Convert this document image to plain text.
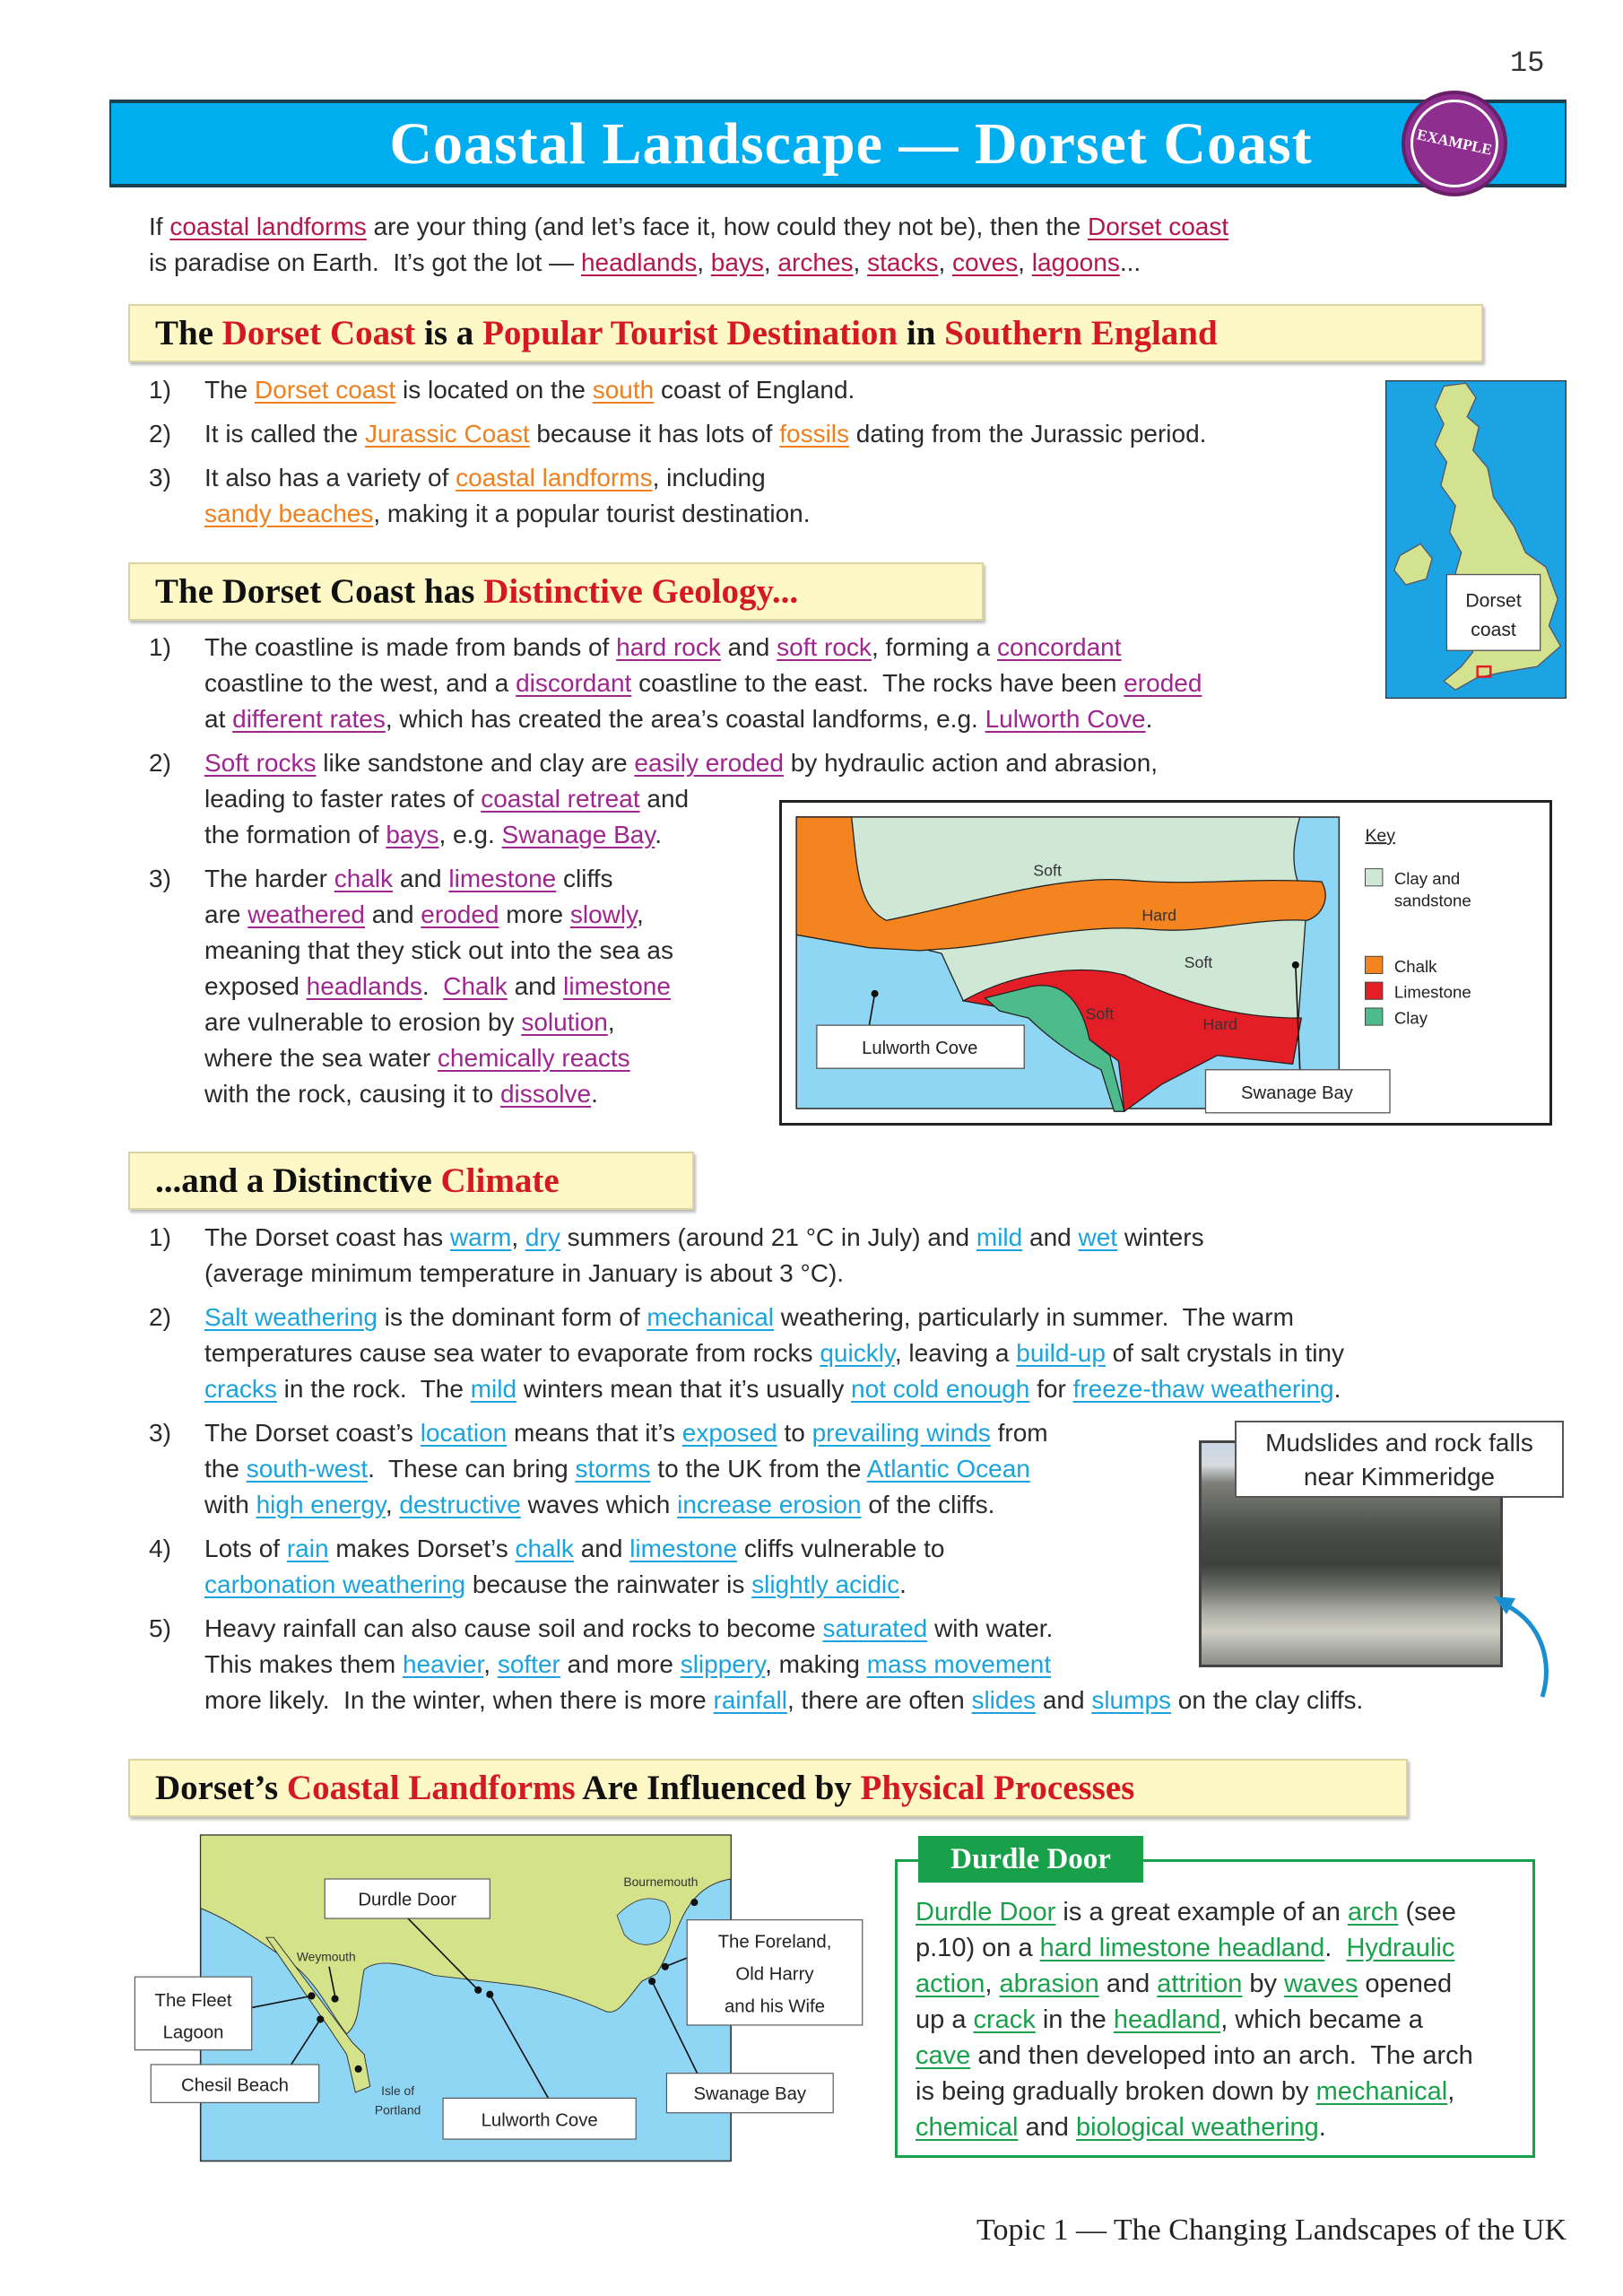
15
Coastal Landscape — Dorset Coast	EXAMPLE
If coastal landforms are your thing (and let’s face it, how could they not be), then the Dorset coast
is paradise on Earth.  It’s got the lot — headlands, bays, arches, stacks, coves, lagoons...
The Dorset Coast is a Popular Tourist Destination in Southern England
1)	The Dorset coast is located on the south coast of England.
2)	It is called the Jurassic Coast because it has lots of fossils dating from the Jurassic period.
3)	It also has a variety of coastal landforms, including
sandy beaches, making it a popular tourist destination.
Dorset
coast
The Dorset Coast has Distinctive Geology...
1)	The coastline is made from bands of hard rock and soft rock, forming a concordant
coastline to the west, and a discordant coastline to the east.  The rocks have been eroded
at different rates, which has created the area’s coastal landforms, e.g. Lulworth Cove.
2)	Soft rocks like sandstone and clay are easily eroded by hydraulic action and abrasion,
leading to faster rates of coastal retreat and
the formation of bays, e.g. Swanage Bay.
3)	The harder chalk and limestone cliffs
are weathered and eroded more slowly,
meaning that they stick out into the sea as
exposed headlands.  Chalk and limestone
are vulnerable to erosion by solution,
where the sea water chemically reacts
with the rock, causing it to dissolve.
Soft
Hard
Soft
Soft
Hard
Lulworth Cove
Swanage Bay
Key
Clay and
sandstone
Chalk
Limestone
Clay
...and a Distinctive Climate
1)	The Dorset coast has warm, dry summers (around 21 °C in July) and mild and wet winters
(average minimum temperature in January is about 3 °C).
2)	Salt weathering is the dominant form of mechanical weathering, particularly in summer.  The warm
temperatures cause sea water to evaporate from rocks quickly, leaving a build-up of salt crystals in tiny
cracks in the rock.  The mild winters mean that it’s usually not cold enough for freeze-thaw weathering.
3)	The Dorset coast’s location means that it’s exposed to prevailing winds from
the south-west.  These can bring storms to the UK from the Atlantic Ocean
with high energy, destructive waves which increase erosion of the cliffs.
4)	Lots of rain makes Dorset’s chalk and limestone cliffs vulnerable to
carbonation weathering because the rainwater is slightly acidic.
5)	Heavy rainfall can also cause soil and rocks to become saturated with water.
This makes them heavier, softer and more slippery, making mass movement
more likely.  In the winter, when there is more rainfall, there are often slides and slumps on the clay cliffs.
Mudslides and rock falls
near Kimmeridge
Dorset’s Coastal Landforms Are Influenced by Physical Processes
Bournemouth
Weymouth
Isle of
Portland
Durdle Door
The Fleet
Lagoon
Chesil Beach
Lulworth Cove
The Foreland,
Old Harry
and his Wife
Swanage Bay
Durdle Door is a great example of an arch (see
p.10) on a hard limestone headland.  Hydraulic
action, abrasion and attrition by waves opened
up a crack in the headland, which became a
cave and then developed into an arch.  The arch
is being gradually broken down by mechanical,
chemical and biological weathering.
Durdle Door
Topic 1 — The Changing Landscapes of the UK
